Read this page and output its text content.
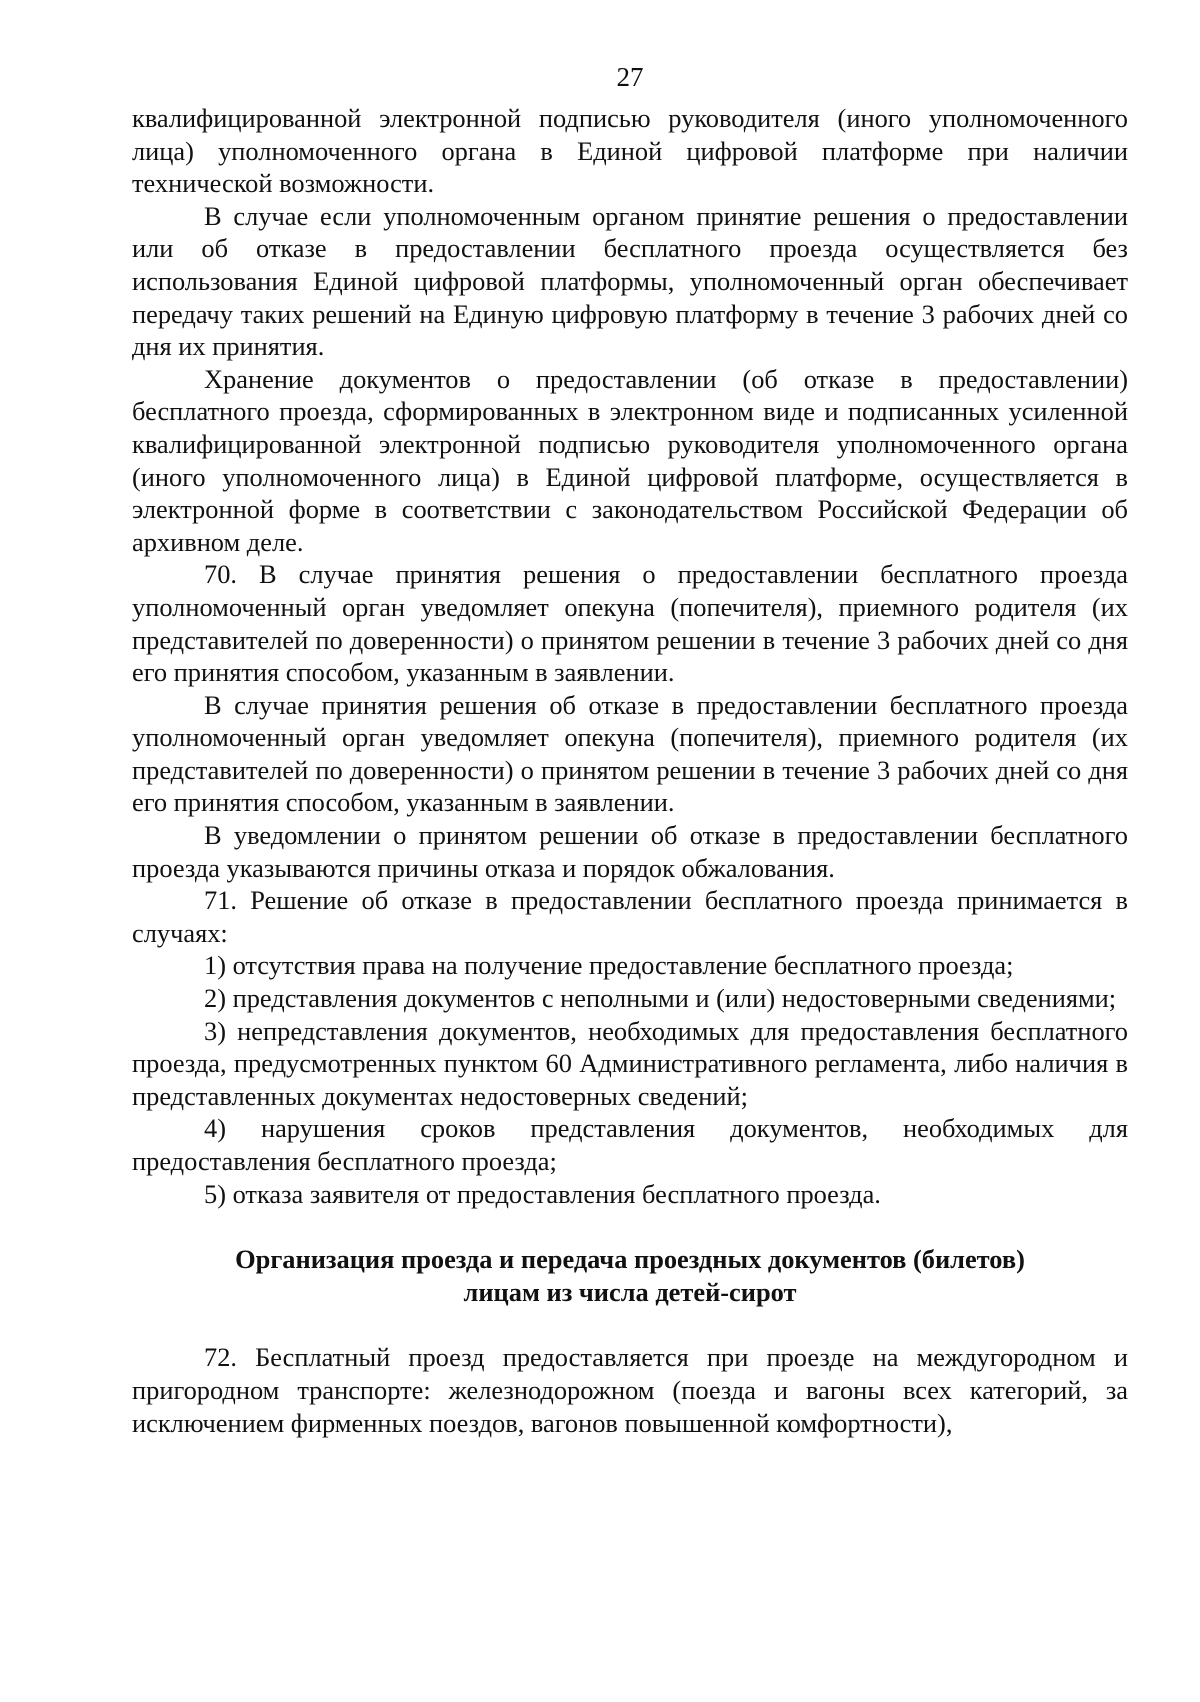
27

квалифицированной электронной подписью руководителя (иного уполномоченного лица) уполномоченного органа в Единой цифровой платформе при наличии технической возможности.

В случае если уполномоченным органом принятие решения о предоставлении или об отказе в предоставлении бесплатного проезда осуществляется без использования Единой цифровой платформы, уполномоченный орган обеспечивает передачу таких решений на Единую цифровую платформу в течение 3 рабочих дней со дня их принятия.

Хранение документов о предоставлении (об отказе в предоставлении) бесплатного проезда, сформированных в электронном виде и подписанных усиленной квалифицированной электронной подписью руководителя уполномоченного органа (иного уполномоченного лица) в Единой цифровой платформе, осуществляется в электронной форме в соответствии с законодательством Российской Федерации об архивном деле.

70. В случае принятия решения о предоставлении бесплатного проезда уполномоченный орган уведомляет опекуна (попечителя), приемного родителя (их представителей по доверенности) о принятом решении в течение 3 рабочих дней со дня его принятия способом, указанным в заявлении.

В случае принятия решения об отказе в предоставлении бесплатного проезда уполномоченный орган уведомляет опекуна (попечителя), приемного родителя (их представителей по доверенности) о принятом решении в течение 3 рабочих дней со дня его принятия способом, указанным в заявлении.

В уведомлении о принятом решении об отказе в предоставлении бесплатного проезда указываются причины отказа и порядок обжалования.

71. Решение об отказе в предоставлении бесплатного проезда принимается в случаях:

1) отсутствия права на получение предоставление бесплатного проезда;

2) представления документов с неполными и (или) недостоверными сведениями;

3) непредставления документов, необходимых для предоставления бесплатного проезда, предусмотренных пунктом 60 Административного регламента, либо наличия в представленных документах недостоверных сведений;

4) нарушения сроков представления документов, необходимых для предоставления бесплатного проезда;

5) отказа заявителя от предоставления бесплатного проезда.

Организация проезда и передача проездных документов (билетов)

лицам из числа детей-сирот

72. Бесплатный проезд предоставляется при проезде на междугородном и пригородном транспорте: железнодорожном (поезда и вагоны всех категорий, за исключением фирменных поездов, вагонов повышенной комфортности),
